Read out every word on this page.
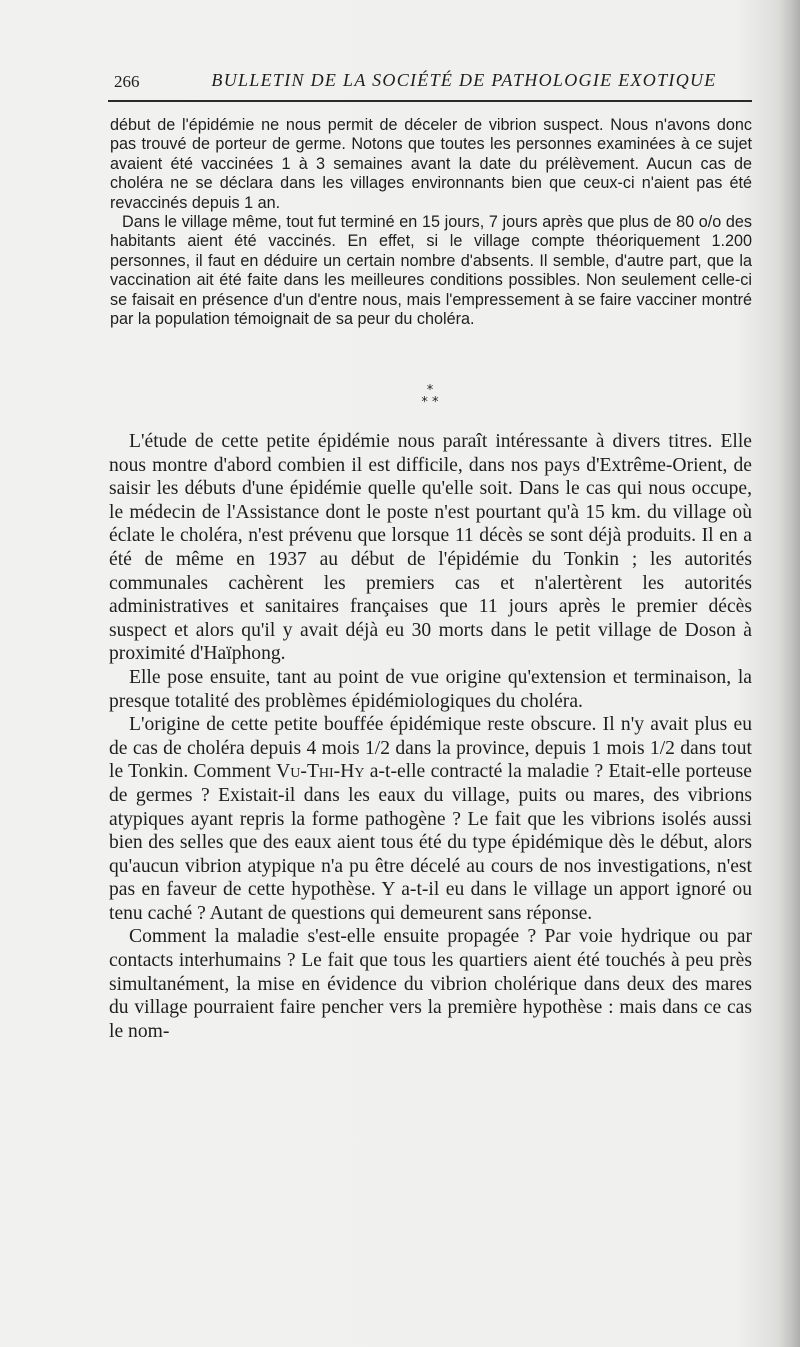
266	BULLETIN DE LA SOCIÉTÉ DE PATHOLOGIE EXOTIQUE

début de l'épidémie ne nous permit de déceler de vibrion suspect. Nous n'avons donc pas trouvé de porteur de germe. Notons que toutes les personnes examinées à ce sujet avaient été vaccinées 1 à 3 semaines avant la date du prélèvement. Aucun cas de choléra ne se déclara dans les villages environnants bien que ceux-ci n'aient pas été revaccinés depuis 1 an.

Dans le village même, tout fut terminé en 15 jours, 7 jours après que plus de 80 o/o des habitants aient été vaccinés. En effet, si le village compte théoriquement 1.200 personnes, il faut en déduire un certain nombre d'absents. Il semble, d'autre part, que la vaccination ait été faite dans les meilleures conditions possibles. Non seulement celle-ci se faisait en présence d'un d'entre nous, mais l'empressement à se faire vacciner montré par la population témoignait de sa peur du choléra.

*
* *

L'étude de cette petite épidémie nous paraît intéressante à divers titres. Elle nous montre d'abord combien il est difficile, dans nos pays d'Extrême-Orient, de saisir les débuts d'une épidémie quelle qu'elle soit. Dans le cas qui nous occupe, le médecin de l'Assistance dont le poste n'est pourtant qu'à 15 km. du village où éclate le choléra, n'est prévenu que lorsque 11 décès se sont déjà produits. Il en a été de même en 1937 au début de l'épidémie du Tonkin ; les autorités communales cachèrent les premiers cas et n'alertèrent les autorités administratives et sanitaires françaises que 11 jours après le premier décès suspect et alors qu'il y avait déjà eu 30 morts dans le petit village de Doson à proximité d'Haïphong.

Elle pose ensuite, tant au point de vue origine qu'extension et terminaison, la presque totalité des problèmes épidémiologiques du choléra.

L'origine de cette petite bouffée épidémique reste obscure. Il n'y avait plus eu de cas de choléra depuis 4 mois 1/2 dans la province, depuis 1 mois 1/2 dans tout le Tonkin. Comment Vu-Thi-Hy a-t-elle contracté la maladie ? Etait-elle porteuse de germes ? Existait-il dans les eaux du village, puits ou mares, des vibrions atypiques ayant repris la forme pathogène ? Le fait que les vibrions isolés aussi bien des selles que des eaux aient tous été du type épidémique dès le début, alors qu'aucun vibrion atypique n'a pu être décelé au cours de nos investigations, n'est pas en faveur de cette hypothèse. Y a-t-il eu dans le village un apport ignoré ou tenu caché ? Autant de questions qui demeurent sans réponse.

Comment la maladie s'est-elle ensuite propagée ? Par voie hydrique ou par contacts interhumains ? Le fait que tous les quartiers aient été touchés à peu près simultanément, la mise en évidence du vibrion cholérique dans deux des mares du village pourraient faire pencher vers la première hypothèse : mais dans ce cas le nom-
